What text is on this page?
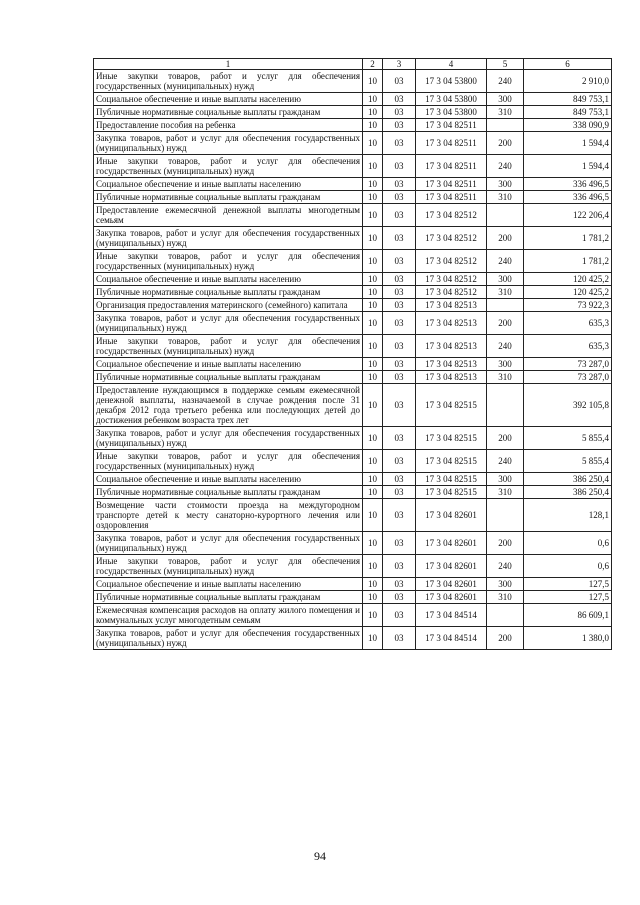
1	2	3	4	5	6
Иные закупки товаров, работ и услуг для обеспечения государственных (муниципальных) нужд	10	03	17 3 04 53800	240	2 910,0
Социальное обеспечение и иные выплаты населению	10	03	17 3 04 53800	300	849 753,1
Публичные нормативные социальные выплаты гражданам	10	03	17 3 04 53800	310	849 753,1
Предоставление пособия на ребенка	10	03	17 3 04 82511		338 090,9
Закупка товаров, работ и услуг для обеспечения государственных (муниципальных) нужд	10	03	17 3 04 82511	200	1 594,4
Иные закупки товаров, работ и услуг для обеспечения государственных (муниципальных) нужд	10	03	17 3 04 82511	240	1 594,4
Социальное обеспечение и иные выплаты населению	10	03	17 3 04 82511	300	336 496,5
Публичные нормативные социальные выплаты гражданам	10	03	17 3 04 82511	310	336 496,5
Предоставление ежемесячной денежной выплаты многодетным семьям	10	03	17 3 04 82512		122 206,4
Закупка товаров, работ и услуг для обеспечения государственных (муниципальных) нужд	10	03	17 3 04 82512	200	1 781,2
Иные закупки товаров, работ и услуг для обеспечения государственных (муниципальных) нужд	10	03	17 3 04 82512	240	1 781,2
Социальное обеспечение и иные выплаты населению	10	03	17 3 04 82512	300	120 425,2
Публичные нормативные социальные выплаты гражданам	10	03	17 3 04 82512	310	120 425,2
Организация предоставления материнского (семейного) капитала	10	03	17 3 04 82513		73 922,3
Закупка товаров, работ и услуг для обеспечения государственных (муниципальных) нужд	10	03	17 3 04 82513	200	635,3
Иные закупки товаров, работ и услуг для обеспечения государственных (муниципальных) нужд	10	03	17 3 04 82513	240	635,3
Социальное обеспечение и иные выплаты населению	10	03	17 3 04 82513	300	73 287,0
Публичные нормативные социальные выплаты гражданам	10	03	17 3 04 82513	310	73 287,0
Предоставление нуждающимся в поддержке семьям ежемесячной денежной выплаты, назначаемой в случае рождения после 31 декабря 2012 года третьего ребенка или последующих детей до достижения ребенком возраста трех лет	10	03	17 3 04 82515		392 105,8
Закупка товаров, работ и услуг для обеспечения государственных (муниципальных) нужд	10	03	17 3 04 82515	200	5 855,4
Иные закупки товаров, работ и услуг для обеспечения государственных (муниципальных) нужд	10	03	17 3 04 82515	240	5 855,4
Социальное обеспечение и иные выплаты населению	10	03	17 3 04 82515	300	386 250,4
Публичные нормативные социальные выплаты гражданам	10	03	17 3 04 82515	310	386 250,4
Возмещение части стоимости проезда на междугородном транспорте детей к месту санаторно-курортного лечения или оздоровления	10	03	17 3 04 82601		128,1
Закупка товаров, работ и услуг для обеспечения государственных (муниципальных) нужд	10	03	17 3 04 82601	200	0,6
Иные закупки товаров, работ и услуг для обеспечения государственных (муниципальных) нужд	10	03	17 3 04 82601	240	0,6
Социальное обеспечение и иные выплаты населению	10	03	17 3 04 82601	300	127,5
Публичные нормативные социальные выплаты гражданам	10	03	17 3 04 82601	310	127,5
Ежемесячная компенсация расходов на оплату жилого помещения и коммунальных услуг многодетным семьям	10	03	17 3 04 84514		86 609,1
Закупка товаров, работ и услуг для обеспечения государственных (муниципальных) нужд	10	03	17 3 04 84514	200	1 380,0
94
